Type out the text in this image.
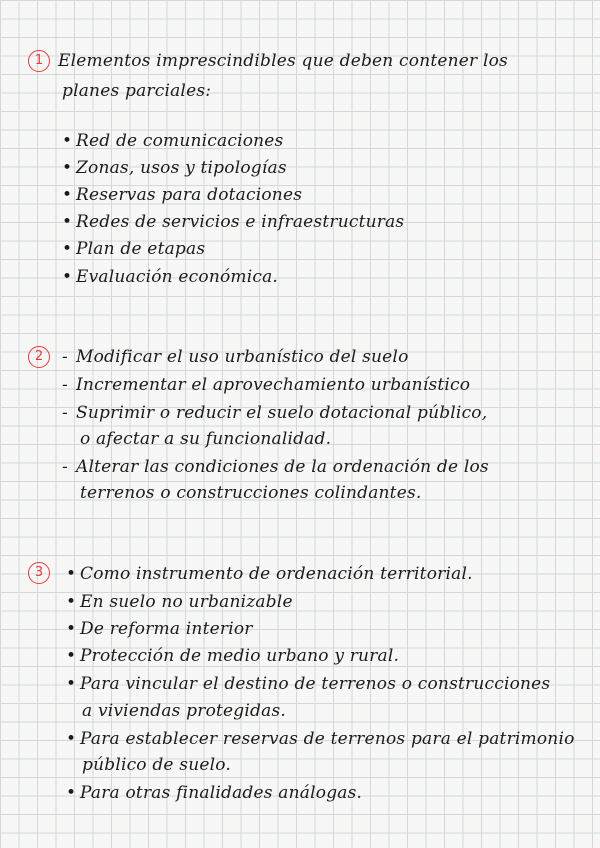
1 Elementos imprescindibles que deben contener los
planes parciales:
• Red de comunicaciones
• Zonas, usos y tipologías
• Reservas para dotaciones
• Redes de servicios e infraestructuras
• Plan de etapas
• Evaluación económica.
2	- Modificar el uso urbanístico del suelo
- Incrementar el aprovechamiento urbanístico
- Suprimir o reducir el suelo dotacional público,
o afectar a su funcionalidad.
- Alterar las condiciones de la ordenación de los
terrenos o construcciones colindantes.
3	• Como instrumento de ordenación territorial.
• En suelo no urbanizable
• De reforma interior
• Protección de medio urbano y rural.
• Para vincular el destino de terrenos o construcciones
a viviendas protegidas.
• Para establecer reservas de terrenos para el patrimonio
público de suelo.
• Para otras finalidades análogas.
